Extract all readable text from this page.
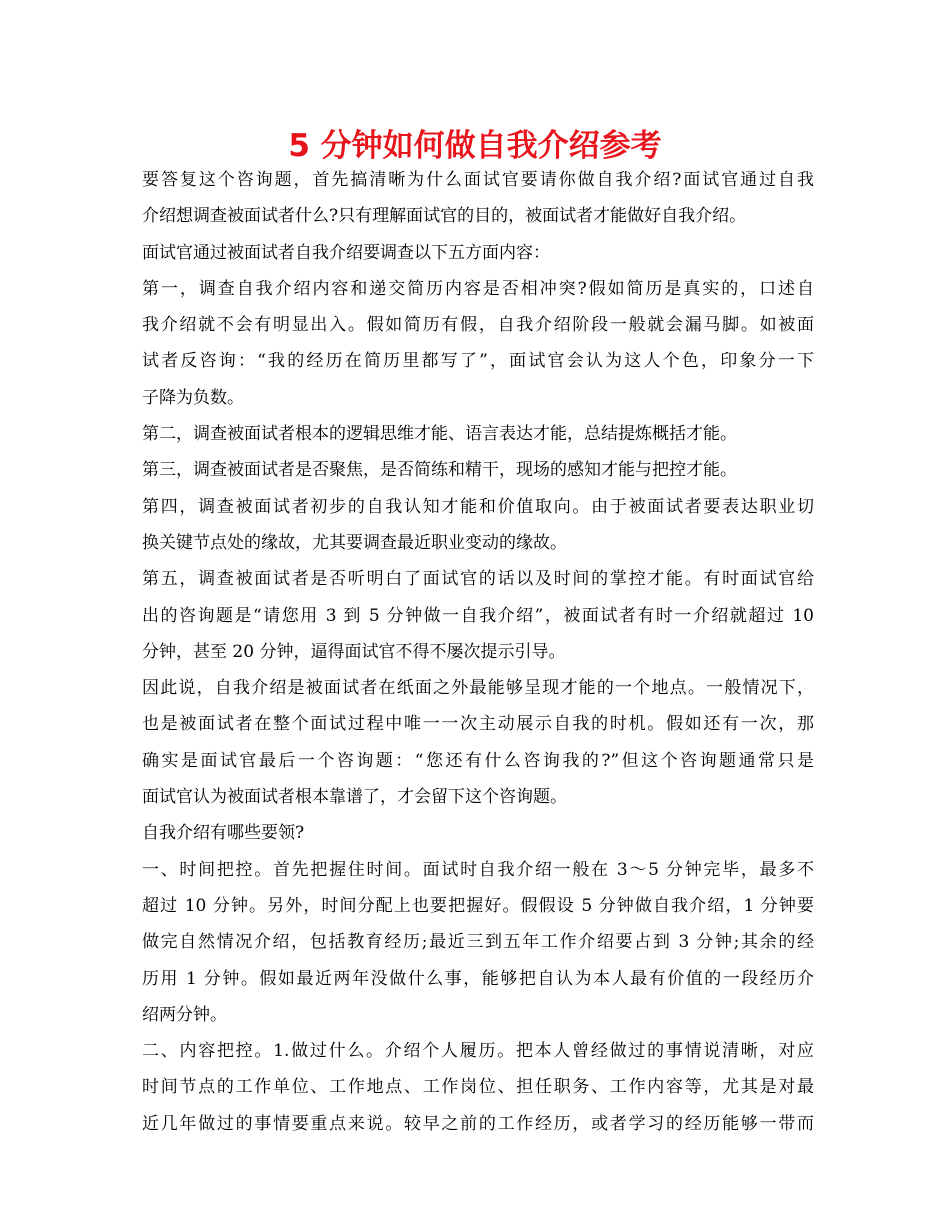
5 分钟如何做自我介绍参考
要答复这个咨询题，首先搞清晰为什么面试官要请你做自我介绍?面试官通过自我
介绍想调查被面试者什么?只有理解面试官的目的，被面试者才能做好自我介绍。
面试官通过被面试者自我介绍要调查以下五方面内容：
第一，调查自我介绍内容和递交简历内容是否相冲突?假如简历是真实的，口述自
我介绍就不会有明显出入。假如简历有假，自我介绍阶段一般就会漏马脚。如被面
试者反咨询：“我的经历在简历里都写了”，面试官会认为这人个色，印象分一下
子降为负数。
第二，调查被面试者根本的逻辑思维才能、语言表达才能，总结提炼概括才能。
第三，调查被面试者是否聚焦，是否简练和精干，现场的感知才能与把控才能。
第四，调查被面试者初步的自我认知才能和价值取向。由于被面试者要表达职业切
换关键节点处的缘故，尤其要调查最近职业变动的缘故。
第五，调查被面试者是否听明白了面试官的话以及时间的掌控才能。有时面试官给
出的咨询题是“请您用 3 到 5 分钟做一自我介绍”，被面试者有时一介绍就超过 10
分钟，甚至 20 分钟，逼得面试官不得不屡次提示引导。
因此说，自我介绍是被面试者在纸面之外最能够呈现才能的一个地点。一般情况下，
也是被面试者在整个面试过程中唯一一次主动展示自我的时机。假如还有一次，那
确实是面试官最后一个咨询题：“您还有什么咨询我的?”但这个咨询题通常只是
面试官认为被面试者根本靠谱了，才会留下这个咨询题。
自我介绍有哪些要领?
一、时间把控。首先把握住时间。面试时自我介绍一般在 3～5 分钟完毕，最多不
超过 10 分钟。另外，时间分配上也要把握好。假假设 5 分钟做自我介绍，1 分钟要
做完自然情况介绍，包括教育经历;最近三到五年工作介绍要占到 3 分钟;其余的经
历用 1 分钟。假如最近两年没做什么事，能够把自认为本人最有价值的一段经历介
绍两分钟。
二、内容把控。1.做过什么。介绍个人履历。把本人曾经做过的事情说清晰，对应
时间节点的工作单位、工作地点、工作岗位、担任职务、工作内容等，尤其是对最
近几年做过的事情要重点来说。较早之前的工作经历，或者学习的经历能够一带而
